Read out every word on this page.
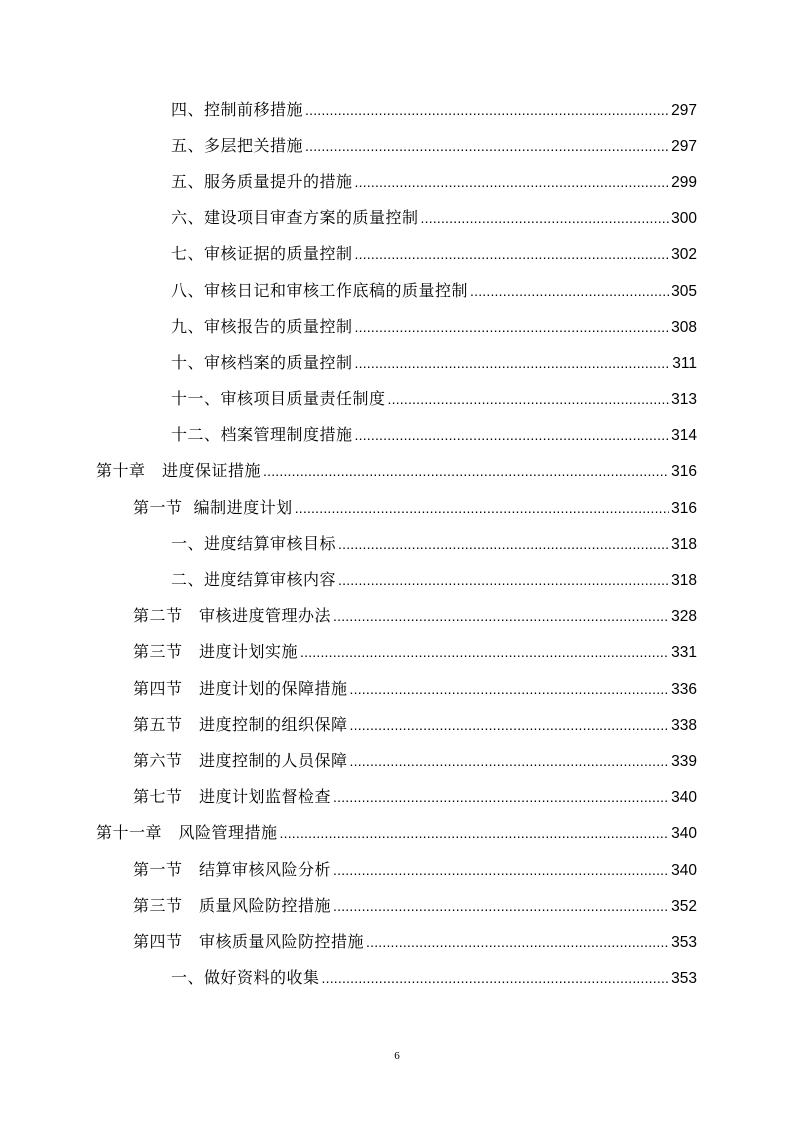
四、控制前移措施 .....	297
五、多层把关措施 .....	297
五、服务质量提升的措施 .....	299
六、建设项目审查方案的质量控制 .....	300
七、审核证据的质量控制 .....	302
八、审核日记和审核工作底稿的质量控制 .....	305
九、审核报告的质量控制 .....	308
十、审核档案的质量控制 .....	311
十一、审核项目质量责任制度 .....	313
十二、档案管理制度措施 .....	314
第十章　进度保证措施 .....	316
第一节  编制进度计划 .....	316
一、进度结算审核目标 .....	318
二、进度结算审核内容 .....	318
第二节　审核进度管理办法 .....	328
第三节　进度计划实施 .....	331
第四节　进度计划的保障措施 .....	336
第五节　进度控制的组织保障 .....	338
第六节　进度控制的人员保障 .....	339
第七节　进度计划监督检查 .....	340
第十一章　风险管理措施 .....	340
第一节　结算审核风险分析 .....	340
第三节　质量风险防控措施 .....	352
第四节　审核质量风险防控措施 .....	353
一、做好资料的收集 .....	353
6
